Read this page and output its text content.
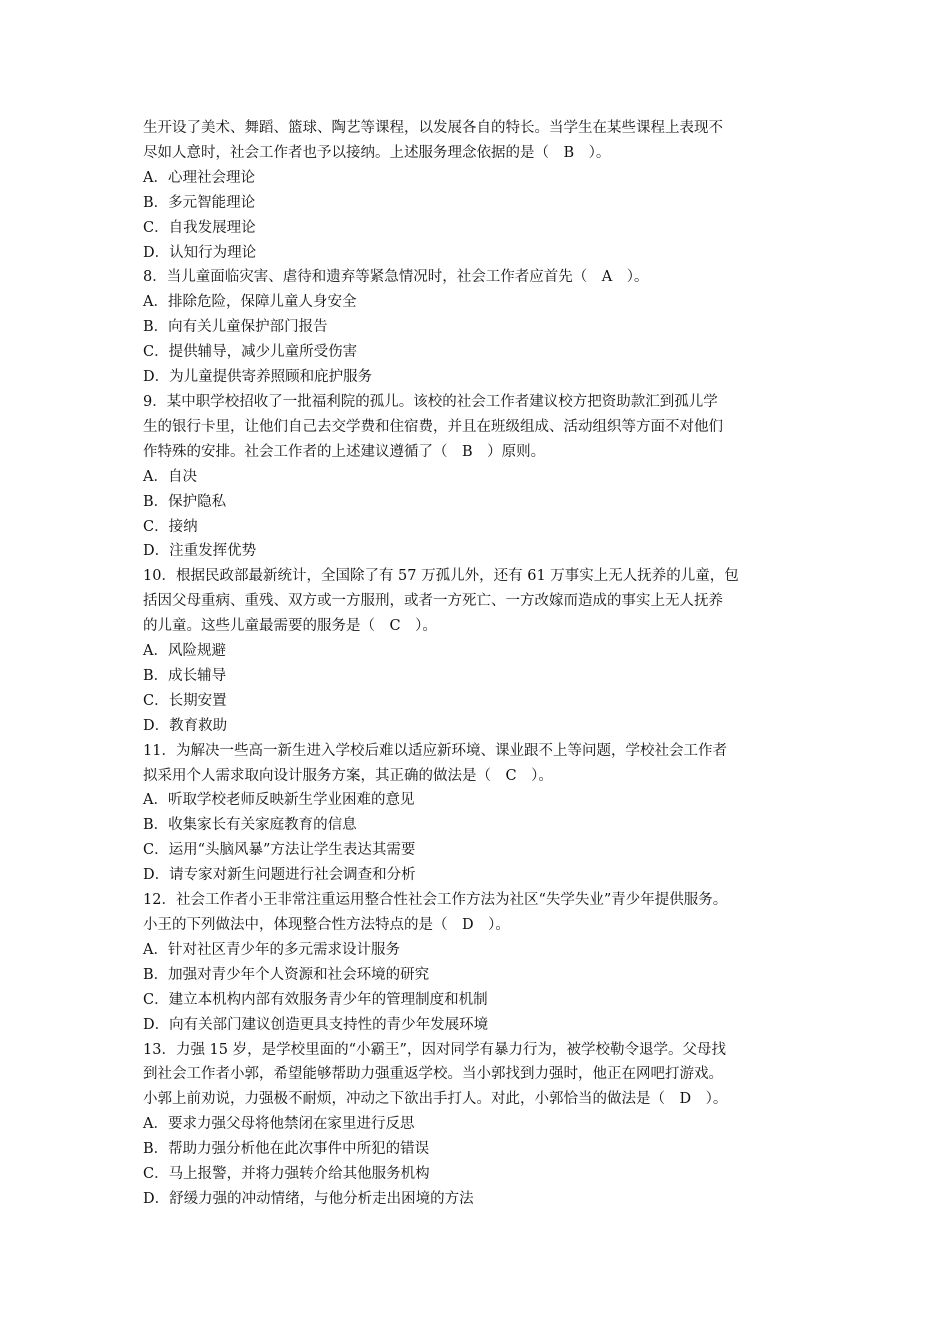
生开设了美术、舞蹈、篮球、陶艺等课程，以发展各自的特长。当学生在某些课程上表现不

尽如人意时，社会工作者也予以接纳。上述服务理念依据的是（　B　）。

A．心理社会理论

B．多元智能理论

C．自我发展理论

D．认知行为理论

8．当儿童面临灾害、虐待和遗弃等紧急情况时，社会工作者应首先（　A　）。

A．排除危险，保障儿童人身安全

B．向有关儿童保护部门报告

C．提供辅导，减少儿童所受伤害

D．为儿童提供寄养照顾和庇护服务

9．某中职学校招收了一批福利院的孤儿。该校的社会工作者建议校方把资助款汇到孤儿学

生的银行卡里，让他们自己去交学费和住宿费，并且在班级组成、活动组织等方面不对他们

作特殊的安排。社会工作者的上述建议遵循了（　B　）原则。

A．自决

B．保护隐私

C．接纳

D．注重发挥优势

10．根据民政部最新统计，全国除了有 57 万孤儿外，还有 61 万事实上无人抚养的儿童，包

括因父母重病、重残、双方或一方服刑，或者一方死亡、一方改嫁而造成的事实上无人抚养

的儿童。这些儿童最需要的服务是（　C　）。

A．风险规避

B．成长辅导

C．长期安置

D．教育救助

11．为解决一些高一新生进入学校后难以适应新环境、课业跟不上等问题，学校社会工作者

拟采用个人需求取向设计服务方案，其正确的做法是（　C　）。

A．听取学校老师反映新生学业困难的意见

B．收集家长有关家庭教育的信息

C．运用“头脑风暴”方法让学生表达其需要

D．请专家对新生问题进行社会调查和分析

12．社会工作者小王非常注重运用整合性社会工作方法为社区“失学失业”青少年提供服务。

小王的下列做法中，体现整合性方法特点的是（　D　）。

A．针对社区青少年的多元需求设计服务

B．加强对青少年个人资源和社会环境的研究

C．建立本机构内部有效服务青少年的管理制度和机制

D．向有关部门建议创造更具支持性的青少年发展环境

13．力强 15 岁，是学校里面的“小霸王”，因对同学有暴力行为，被学校勒令退学。父母找

到社会工作者小郭，希望能够帮助力强重返学校。当小郭找到力强时，他正在网吧打游戏。

小郭上前劝说，力强极不耐烦，冲动之下欲出手打人。对此，小郭恰当的做法是（　D　）。

A．要求力强父母将他禁闭在家里进行反思

B．帮助力强分析他在此次事件中所犯的错误

C．马上报警，并将力强转介给其他服务机构

D．舒缓力强的冲动情绪，与他分析走出困境的方法
